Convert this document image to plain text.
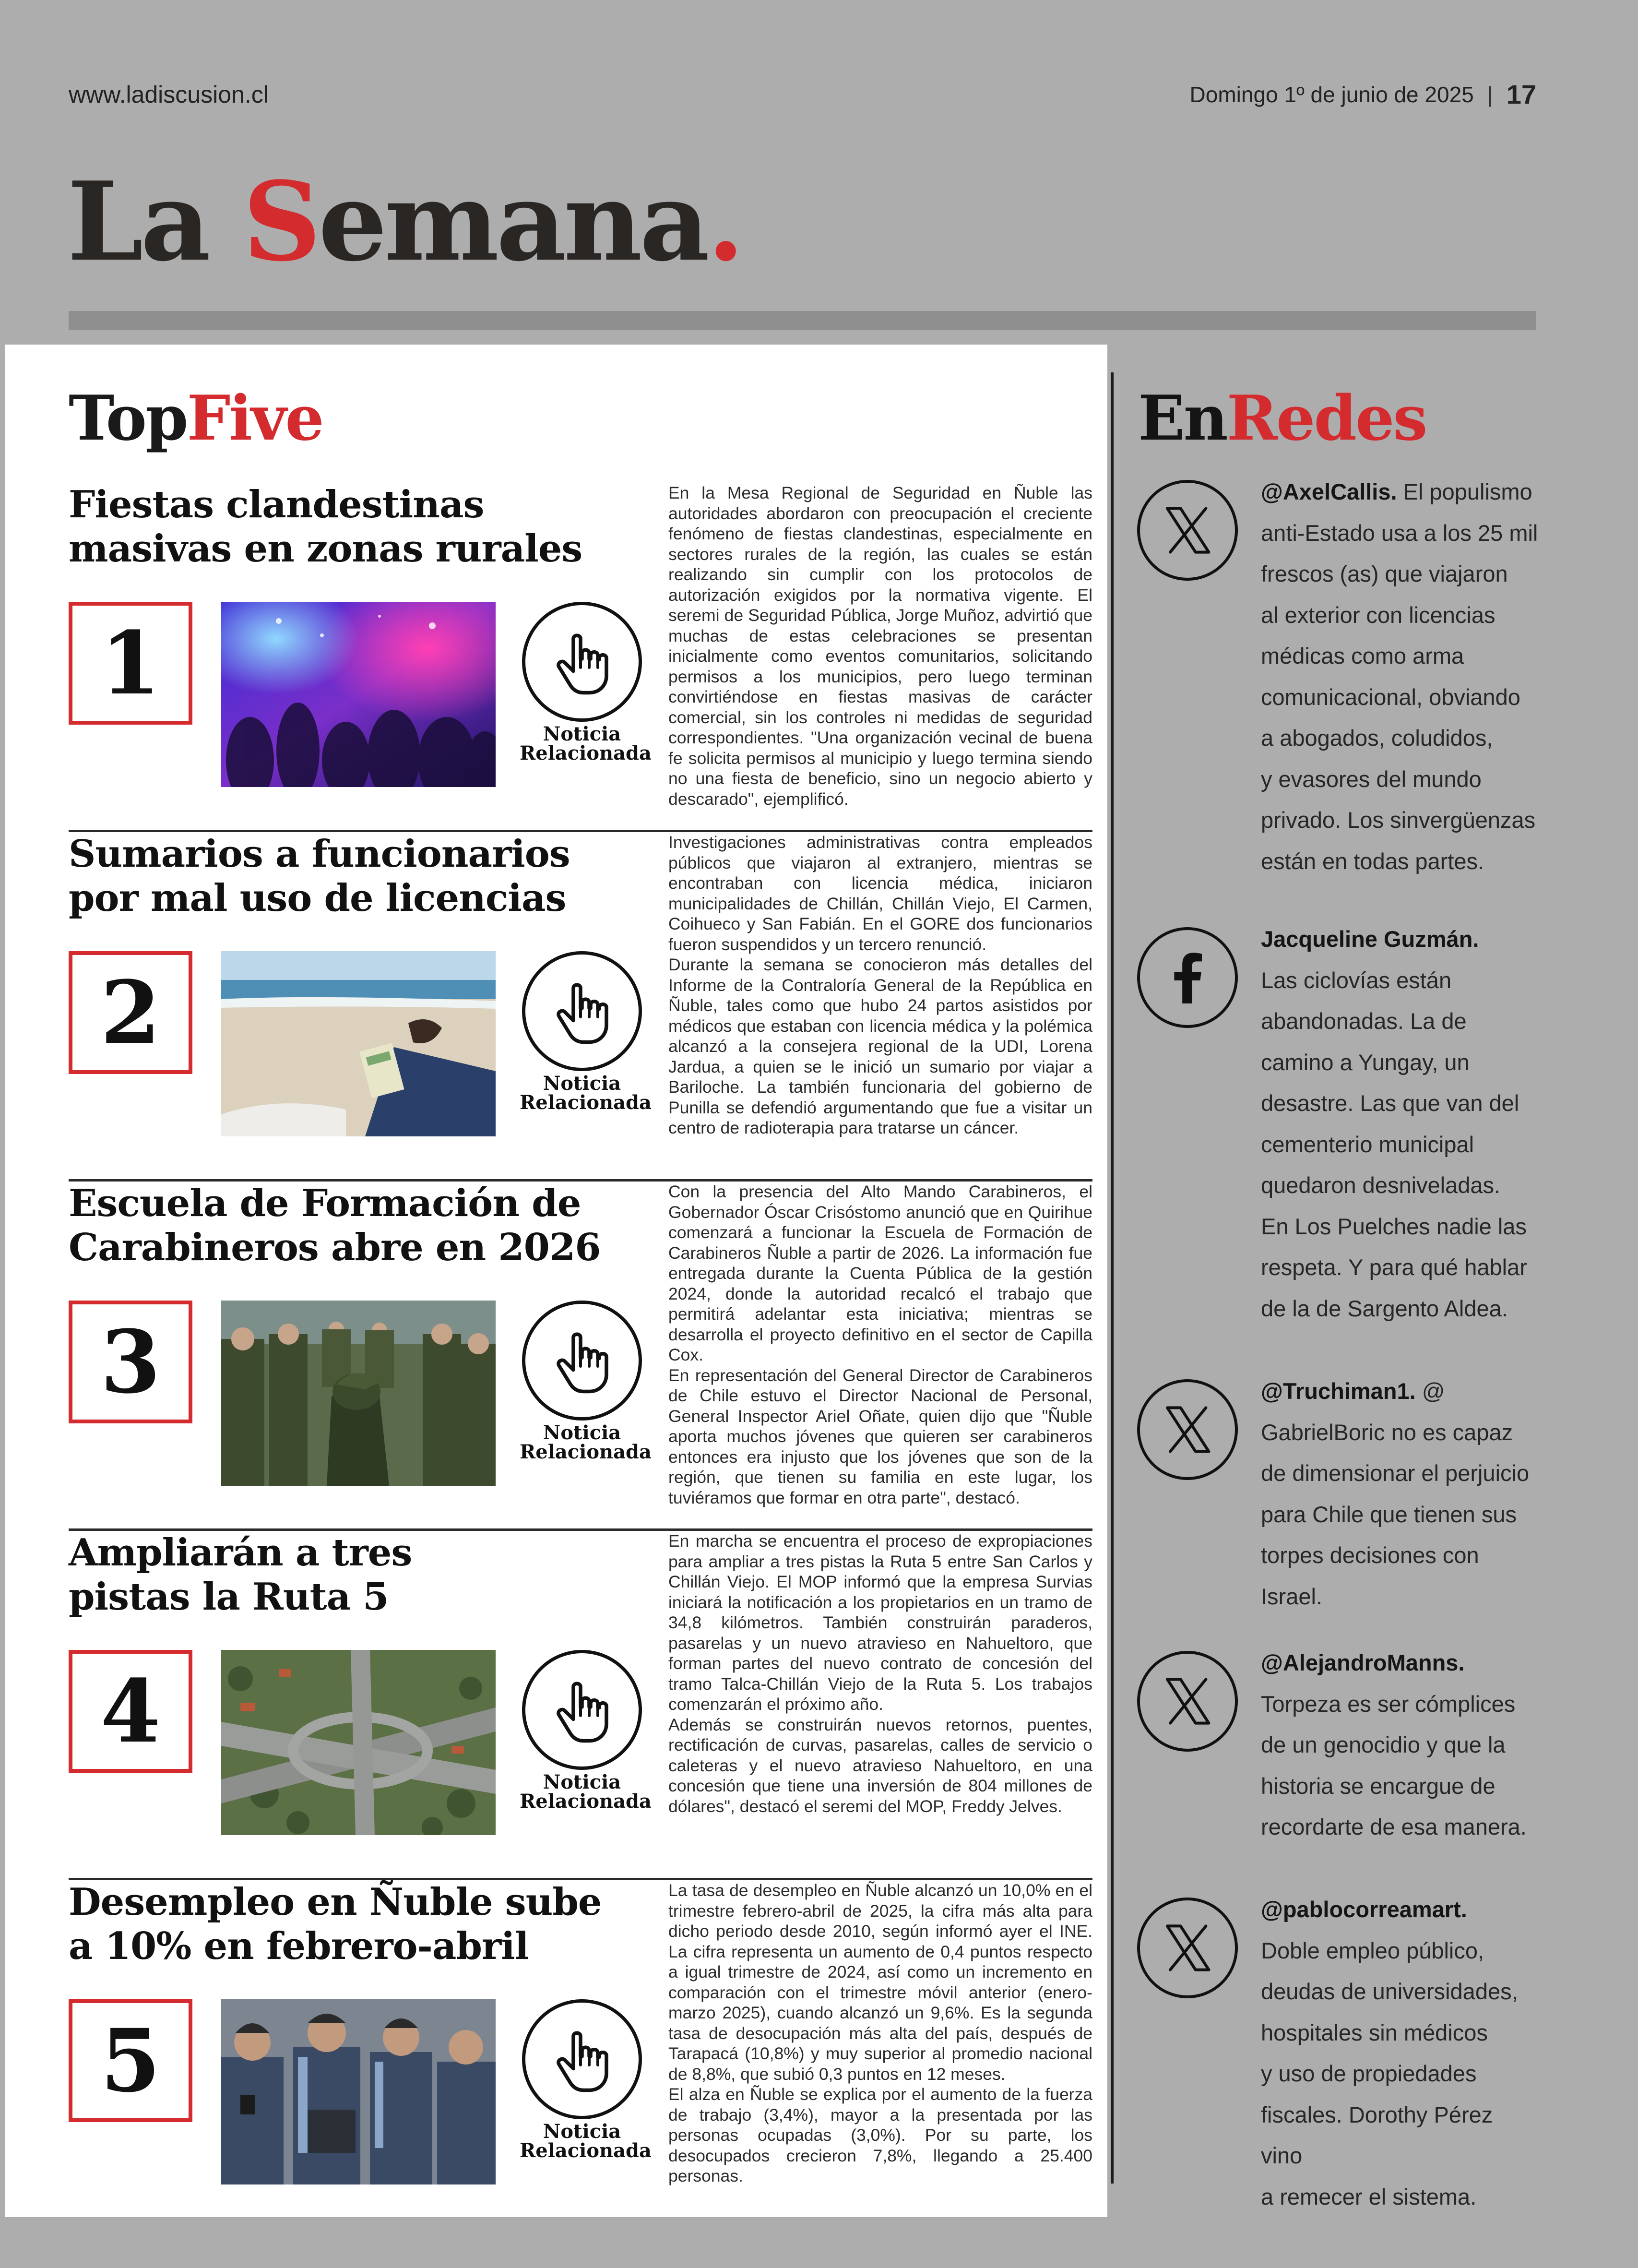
www.ladiscusion.cl	Domingo 1º de junio de 2025 | 17
La Semana.
TopFive
Fiestas clandestinas
masivas en zonas rurales
1
Noticia
Relacionada

En la Mesa Regional de Seguridad en Ñuble las autoridades abordaron con preocupación el creciente fenómeno de fiestas clandestinas, especialmente en sectores rurales de la región, las cuales se están realizando sin cumplir con los protocolos de autorización exigidos por la normativa vigente. El seremi de Seguridad Pública, Jorge Muñoz, advirtió que muchas de estas celebraciones se presentan inicialmente como eventos comunitarios, solicitando permisos a los municipios, pero luego terminan convirtiéndose en fiestas masivas de carácter comercial, sin los controles ni medidas de seguridad correspondientes. "Una organización vecinal de buena fe solicita permisos al municipio y luego termina siendo no una fiesta de beneficio, sino un negocio abierto y descarado", ejemplificó.

Sumarios a funcionarios
por mal uso de licencias
2
Noticia
Relacionada

Investigaciones administrativas contra empleados públicos que viajaron al extranjero, mientras se encontraban con licencia médica, iniciaron municipalidades de Chillán, Chillán Viejo, El Carmen, Coihueco y San Fabián. En el GORE dos funcionarios fueron suspendidos y un tercero renunció.

Durante la semana se conocieron más detalles del Informe de la Contraloría General de la República en Ñuble, tales como que hubo 24 partos asistidos por médicos que estaban con licencia médica y la polémica alcanzó a la consejera regional de la UDI, Lorena Jardua, a quien se le inició un sumario por viajar a Bariloche. La también funcionaria del gobierno de Punilla se defendió argumentando que fue a visitar un centro de radioterapia para tratarse un cáncer.

Escuela de Formación de
Carabineros abre en 2026
3
Noticia
Relacionada

Con la presencia del Alto Mando Carabineros, el Gobernador Óscar Crisóstomo anunció que en Quirihue comenzará a funcionar la Escuela de Formación de Carabineros Ñuble a partir de 2026. La información fue entregada durante la Cuenta Pública de la gestión 2024, donde la autoridad recalcó el trabajo que permitirá adelantar esta iniciativa; mientras se desarrolla el proyecto definitivo en el sector de Capilla Cox.

En representación del General Director de Carabineros de Chile estuvo el Director Nacional de Personal, General Inspector Ariel Oñate, quien dijo que "Ñuble aporta muchos jóvenes que quieren ser carabineros entonces era injusto que los jóvenes que son de la región, que tienen su familia en este lugar, los tuviéramos que formar en otra parte", destacó.

Ampliarán a tres
pistas la Ruta 5
4
Noticia
Relacionada

En marcha se encuentra el proceso de expropiaciones para ampliar a tres pistas la Ruta 5 entre San Carlos y Chillán Viejo. El MOP informó que la empresa Survias iniciará la notificación a los propietarios en un tramo de 34,8 kilómetros. También construirán paraderos, pasarelas y un nuevo atravieso en Nahueltoro, que forman partes del nuevo contrato de concesión del tramo Talca-Chillán Viejo de la Ruta 5. Los trabajos comenzarán el próximo año.

Además se construirán nuevos retornos, puentes, rectificación de curvas, pasarelas, calles de servicio o caleteras y el nuevo atravieso Nahueltoro, en una concesión que tiene una inversión de 804 millones de dólares", destacó el seremi del MOP, Freddy Jelves.

Desempleo en Ñuble sube
a 10% en febrero-abril
5
Noticia
Relacionada

La tasa de desempleo en Ñuble alcanzó un 10,0% en el trimestre febrero-abril de 2025, la cifra más alta para dicho periodo desde 2010, según informó ayer el INE. La cifra representa un aumento de 0,4 puntos respecto a igual trimestre de 2024, así como un incremento en comparación con el trimestre móvil anterior (enero-marzo 2025), cuando alcanzó un 9,6%. Es la segunda tasa de desocupación más alta del país, después de Tarapacá (10,8%) y muy superior al promedio nacional de 8,8%, que subió 0,3 puntos en 12 meses.

El alza en Ñuble se explica por el aumento de la fuerza de trabajo (3,4%), mayor a la presentada por las personas ocupadas (3,0%). Por su parte, los desocupados crecieron 7,8%, llegando a 25.400 personas.

EnRedes
@AxelCallis. El populismo
anti-Estado usa a los 25 mil
frescos (as) que viajaron
al exterior con licencias
médicas como arma
comunicacional, obviando
a abogados, coludidos,
y evasores del mundo
privado. Los sinvergüenzas
están en todas partes.
Jacqueline Guzmán.
Las ciclovías están
abandonadas. La de
camino a Yungay, un
desastre. Las que van del
cementerio municipal
quedaron desniveladas.
En Los Puelches nadie las
respeta. Y para qué hablar
de la de Sargento Aldea.
@Truchiman1. @
GabrielBoric no es capaz
de dimensionar el perjuicio
para Chile que tienen sus
torpes decisiones con
Israel.
@AlejandroManns.
Torpeza es ser cómplices
de un genocidio y que la
historia se encargue de
recordarte de esa manera.
@pablocorreamart.
Doble empleo público,
deudas de universidades,
hospitales sin médicos
y uso de propiedades
fiscales. Dorothy Pérez vino
a remecer el sistema.
